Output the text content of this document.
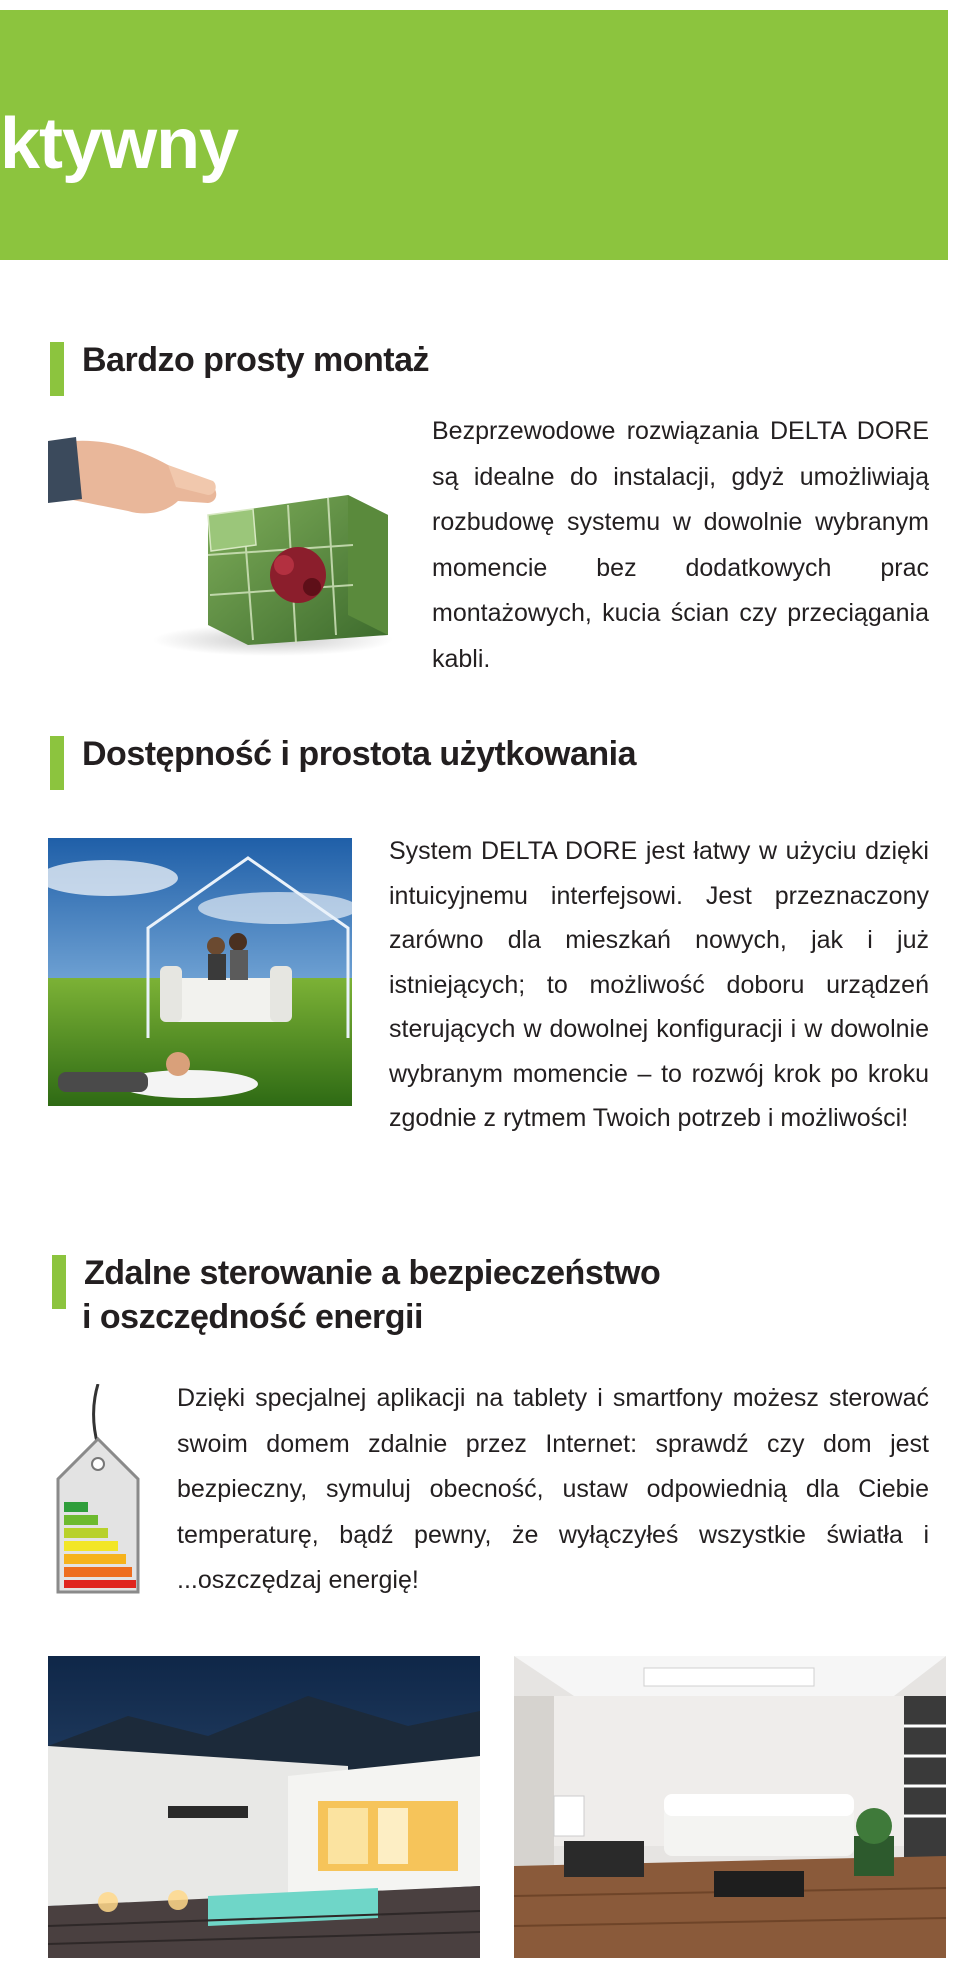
ktywny
Bardzo prosty montaż

Bezprzewodowe rozwiązania DELTA DORE są idealne do instalacji, gdyż umożliwiają rozbudowę systemu w dowolnie wybranym momencie bez dodatkowych prac montażowych, kucia ścian czy przeciągania kabli.

Dostępność i prostota użytkowania

System DELTA DORE jest łatwy w użyciu dzięki intuicyjnemu interfejsowi. Jest przeznaczony zarówno dla mieszkań nowych, jak i już istniejących; to możliwość doboru urządzeń sterujących w dowolnej konfiguracji i w dowolnie wybranym momencie – to rozwój krok po kroku zgodnie z rytmem Twoich potrzeb i możliwości!

Zdalne sterowanie a bezpieczeństwo
i oszczędność energii

Dzięki specjalnej aplikacji na tablety i smartfony możesz sterować swoim domem zdalnie przez Internet: sprawdź czy dom jest bezpieczny, symuluj obecność, ustaw odpowiednią dla Ciebie temperaturę, bądź pewny, że wyłączyłeś wszystkie światła i ...oszczędzaj energię!
